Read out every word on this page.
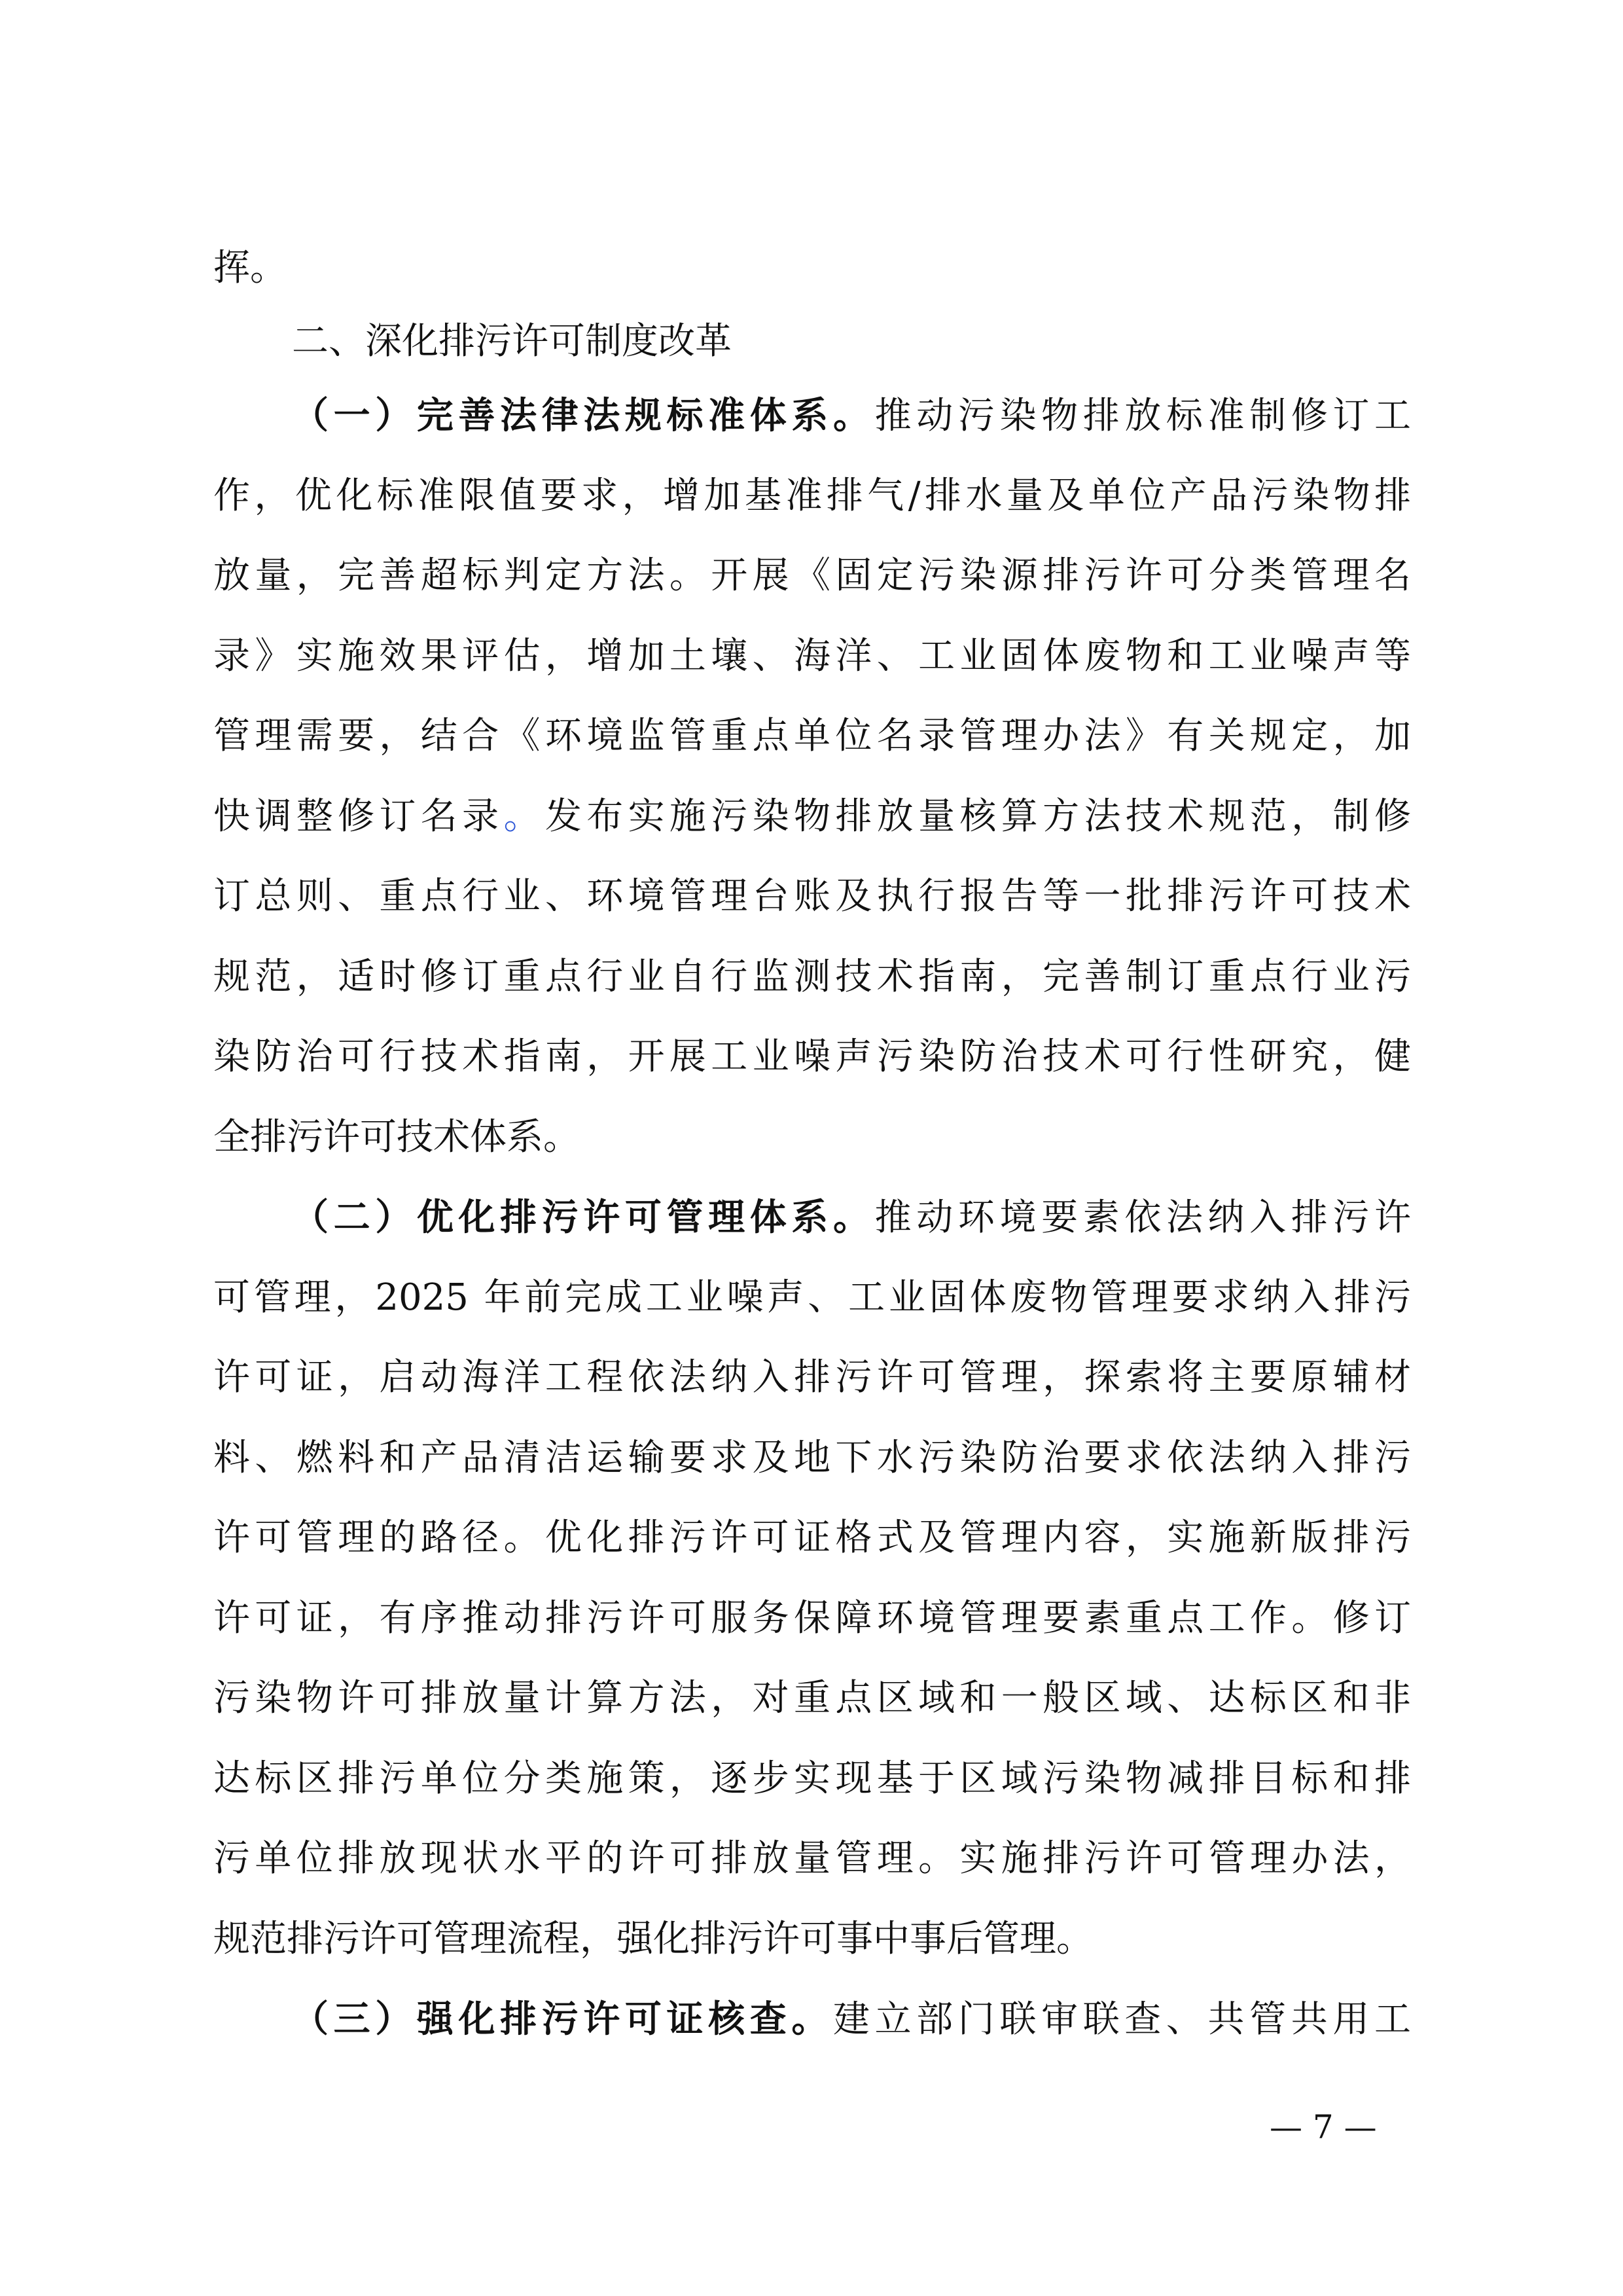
挥。
二、深化排污许可制度改革
（一）完善法律法规标准体系。推动污染物排放标准制修订工
作，优化标准限值要求，增加基准排气/排水量及单位产品污染物排
放量，完善超标判定方法。开展《固定污染源排污许可分类管理名
录》实施效果评估，增加土壤、海洋、工业固体废物和工业噪声等
管理需要，结合《环境监管重点单位名录管理办法》有关规定，加
快调整修订名录。发布实施污染物排放量核算方法技术规范，制修
订总则、重点行业、环境管理台账及执行报告等一批排污许可技术
规范，适时修订重点行业自行监测技术指南，完善制订重点行业污
染防治可行技术指南，开展工业噪声污染防治技术可行性研究，健
全排污许可技术体系。
（二）优化排污许可管理体系。推动环境要素依法纳入排污许
可管理，2025 年前完成工业噪声、工业固体废物管理要求纳入排污
许可证，启动海洋工程依法纳入排污许可管理，探索将主要原辅材
料、燃料和产品清洁运输要求及地下水污染防治要求依法纳入排污
许可管理的路径。优化排污许可证格式及管理内容，实施新版排污
许可证，有序推动排污许可服务保障环境管理要素重点工作。修订
污染物许可排放量计算方法，对重点区域和一般区域、达标区和非
达标区排污单位分类施策，逐步实现基于区域污染物减排目标和排
污单位排放现状水平的许可排放量管理。实施排污许可管理办法，
规范排污许可管理流程，强化排污许可事中事后管理。
（三）强化排污许可证核查。建立部门联审联查、共管共用工
— 7 —
